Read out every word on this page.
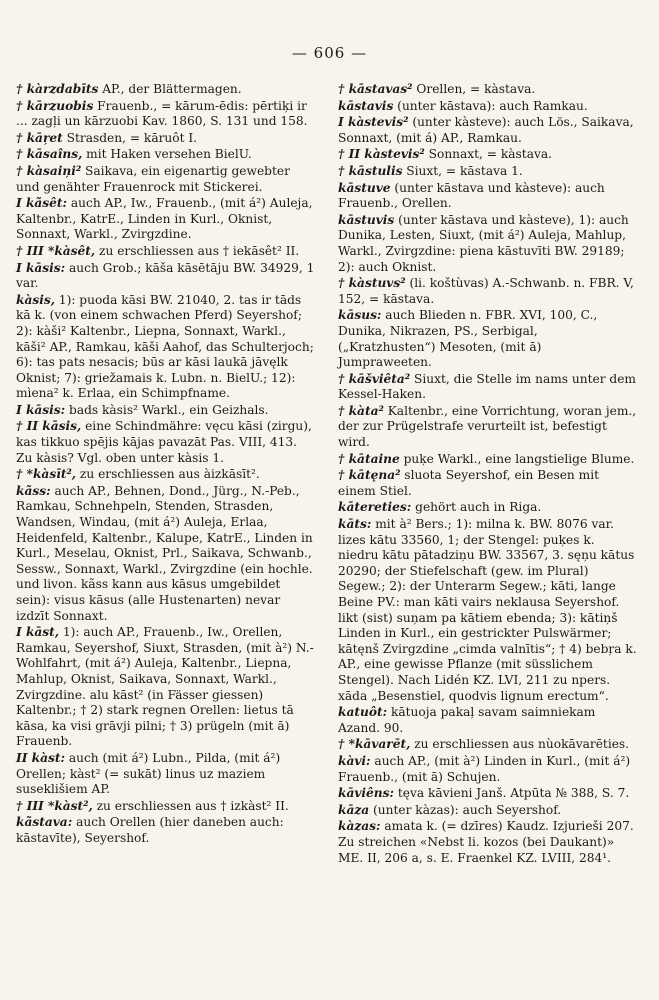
— 606 —

† kàrzdabīts AP., der Blättermagen.

† kārzuobis Frauenb., = kārum-ēdis: pērtiķi ir ... zagļi un kārzuobi Kav. 1860, S. 131 und 158.

† kāŗet Strasden, = kāruôt I.

† kāsaîns, mit Haken versehen BielU.

† kàsaiņi² Saikava, ein eigenartig gewebter und genähter Frauenrock mit Stickerei.

I kãsêt: auch AP., Iw., Frauenb., (mit á²) Auleja, Kaltenbr., KatrE., Linden in Kurl., Oknist, Sonnaxt, Warkl., Zvirgzdine.

† III *kàsêt, zu erschliessen aus † iekāsêt² II.

I kāsis: auch Grob.; kāša kāsētāju BW. 34929, 1 var.

kàsis, 1): puoda kāsi BW. 21040, 2. tas ir tāds kā k. (von einem schwachen Pferd) Seyershof; 2): kàši² Kaltenbr., Liepna, Sonnaxt, Warkl., kāši² AP., Ramkau, kāši Aahof, das Schulterjoch; 6): tas pats nesacis; būs ar kāsi laukā jāvęlk Oknist; 7): griežamais k. Lubn. n. BielU.; 12): mìena² k. Erlaa, ein Schimpfname.

I kāsis: bads kàsis² Warkl., ein Geizhals.

† II kāsis, eine Schindmähre: vęcu kāsi (zirgu), kas tikkuo spējis kājas pavazāt Pas. VIII, 413. Zu kàsis? Vgl. oben unter kàsis 1.

† *kàsīt², zu erschliessen aus àizkāsīt².

kãss: auch AP., Behnen, Dond., Jürg., N.-Peb., Ramkau, Schnehpeln, Stenden, Strasden, Wandsen, Windau, (mit á²) Auleja, Erlaa, Heidenfeld, Kaltenbr., Kalupe, KatrE., Linden in Kurl., Meselau, Oknist, Prl., Saikava, Schwanb., Sessw., Sonnaxt, Warkl., Zvirgzdine (ein hochle. und livon. kãss kann aus kāsus umgebildet sein): visus kāsus (alle Hustenarten) nevar izdzīt Sonnaxt.

I kāst, 1): auch AP., Frauenb., Iw., Orellen, Ramkau, Seyershof, Siuxt, Strasden, (mit à²) N.-Wohlfahrt, (mit á²) Auleja, Kaltenbr., Liepna, Mahlup, Oknist, Saikava, Sonnaxt, Warkl., Zvirgzdine. alu kāst² (in Fässer giessen) Kaltenbr.; † 2) stark regnen Orellen: lietus tā kāsa, ka visi grāvji pilni; † 3) prügeln (mit ā) Frauenb.

II kàst: auch (mit á²) Lubn., Pilda, (mit á²) Orellen; kàst² (= sukāt) linus uz maziem suseklišiem AP.

† III *kàst², zu erschliessen aus † izkàst² II.

kãstava: auch Orellen (hier daneben auch: kāstavīte), Seyershof.

† kāstavas² Orellen, = kàstava.

kāstavis (unter kāstava): auch Ramkau.

I kàstevis² (unter kàsteve): auch Lös., Saikava, Sonnaxt, (mit á) AP., Ramkau.

† II kàstevis² Sonnaxt, = kàstava.

† kāstulis Siuxt, = kāstava 1.

kāstuve (unter kāstava und kàsteve): auch Frauenb., Orellen.

kāstuvis (unter kāstava und kàsteve), 1): auch Dunika, Lesten, Siuxt, (mit á²) Auleja, Mahlup, Warkl., Zvirgzdine: piena kāstuvīti BW. 29189; 2): auch Oknist.

† kàstuvs² (li. koštùvas) A.-Schwanb. n. FBR. V, 152, = kāstava.

kāsus: auch Blieden n. FBR. XVI, 100, C., Dunika, Nikrazen, PS., Serbigal, („Kratzhusten“) Mesoten, (mit ā) Jumpraweeten.

† kāšviêta² Siuxt, die Stelle im nams unter dem Kessel-Haken.

† kàta² Kaltenbr., eine Vorrichtung, woran jem., der zur Prügelstrafe verurteilt ist, befestigt wird.

† kātaine puķe Warkl., eine langstielige Blume.

† kātęna² sluota Seyershof, ein Besen mit einem Stiel.

kātereties: gehört auch in Riga.

kāts: mit à² Bers.; 1): milna k. BW. 8076 var. lizes kātu 33560, 1; der Stengel: puķes k. niedru kātu pātadziņu BW. 33567, 3. sęņu kātus 20290; der Stiefelschaft (gew. im Plural) Segew.; 2): der Unterarm Segew.; kāti, lange Beine PV.: man kāti vairs neklausa Seyershof. likt (sist) suņam pa kātiem ebenda; 3): kātiņš Linden in Kurl., ein gestrickter Pulswärmer; kātęnš Zvirgzdine „cimda valnītis“; † 4) bebŗa k. AP., eine gewisse Pflanze (mit süsslichem Stengel). Nach Lidén KZ. LVI, 211 zu npers. xāda „Besenstiel, quodvis lignum erectum“.

katuôt: kātuoja pakaļ savam saimniekam Azand. 90.

† *kāvarēt, zu erschliessen aus nùokāvarēties.

kàvi: auch AP., (mit à²) Linden in Kurl., (mit á²) Frauenb., (mit ā) Schujen.

kāviêns: tęva kāvieni Janš. Atpūta № 388, S. 7.

kāza (unter kàzas): auch Seyershof.

kàzas: amata k. (= dzīres) Kaudz. Izjurieši 207. Zu streichen «Nebst li. kozos (bei Daukant)» ME. II, 206 a, s. E. Fraenkel KZ. LVIII, 284¹.
